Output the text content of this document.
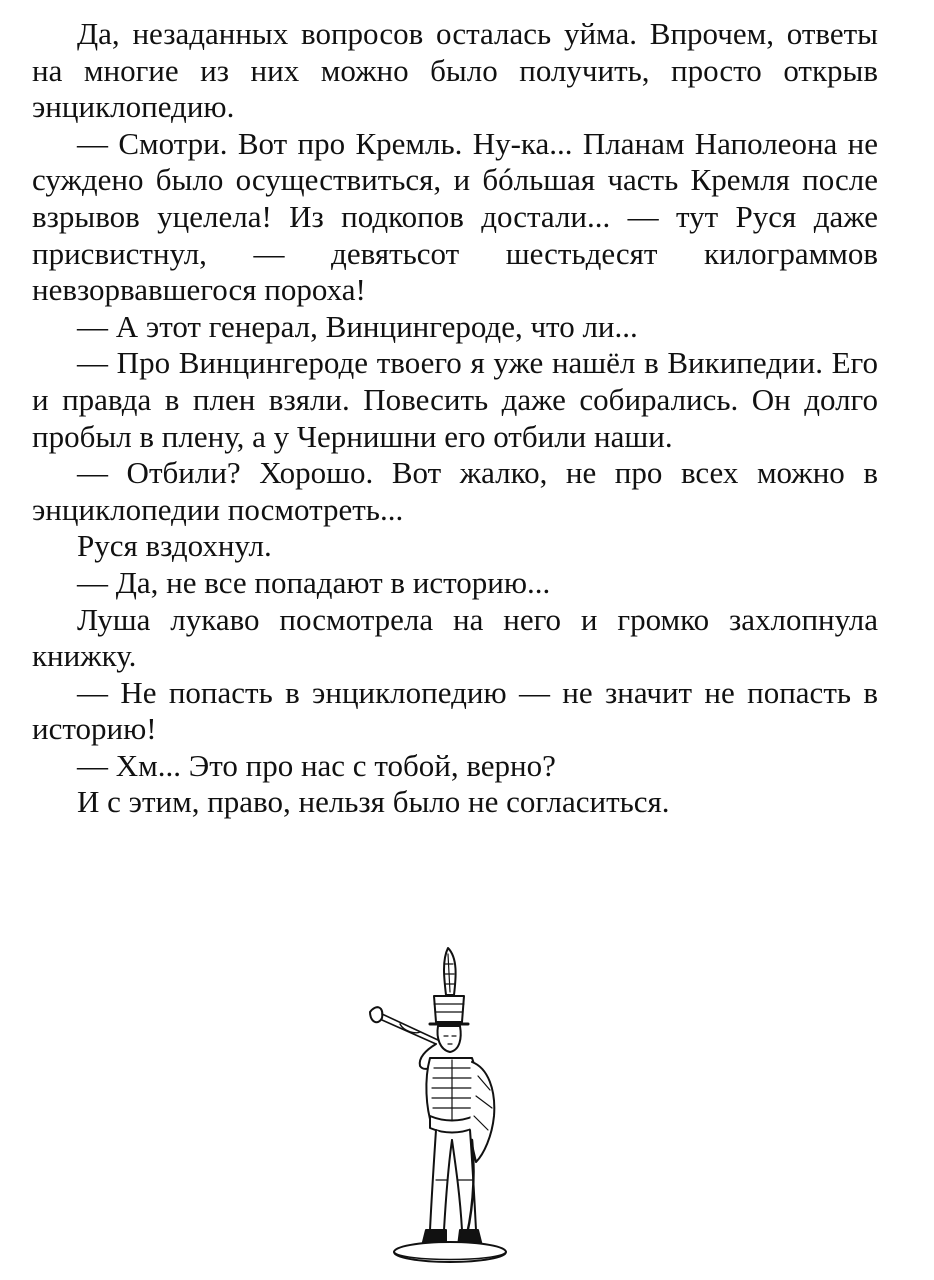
Да, незаданных вопросов осталась уйма. Впрочем, ответы на многие из них можно было получить, просто открыв энциклопедию.

— Смотри. Вот про Кремль. Ну-ка... Планам Наполеона не суждено было осуществиться, и бóльшая часть Кремля после взрывов уцелела! Из подкопов достали... — тут Руся даже присвистнул, — девятьсот шестьдесят килограммов невзорвавшегося пороха!

— А этот генерал, Винцингероде, что ли...

— Про Винцингероде твоего я уже нашёл в Википедии. Его и правда в плен взяли. Повесить даже собирались. Он долго пробыл в плену, а у Чернишни его отбили наши.

— Отбили? Хорошо. Вот жалко, не про всех можно в энциклопедии посмотреть...

Руся вздохнул.

— Да, не все попадают в историю...

Луша лукаво посмотрела на него и громко захлопнула книжку.

— Не попасть в энциклопедию — не значит не попасть в историю!

— Хм... Это про нас с тобой, верно?

И с этим, право, нельзя было не согласиться.
